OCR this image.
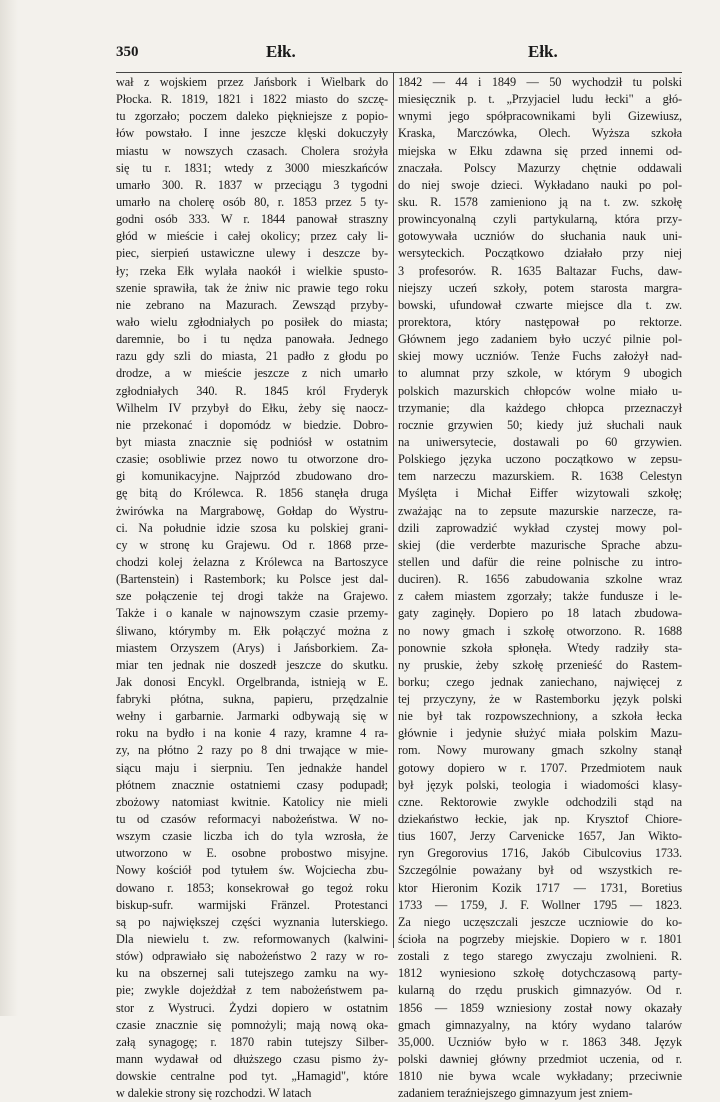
350	Ełk.	Ełk.
wał z wojskiem przez Jańsbork i Wielbark do
Płocka. R. 1819, 1821 i 1822 miasto do szczę-
tu zgorzało; poczem daleko piękniejsze z popio-
łów powstało. I inne jeszcze klęski dokuczyły
miastu w nowszych czasach. Cholera srożyła
się tu r. 1831; wtedy z 3000 mieszkańców
umarło 300. R. 1837 w przeciągu 3 tygodni
umarło na cholerę osób 80, r. 1853 przez 5 ty-
godni osób 333. W r. 1844 panował straszny
głód w mieście i całej okolicy; przez cały li-
piec, sierpień ustawiczne ulewy i deszcze by-
ły; rzeka Ełk wylała naokół i wielkie spusto-
szenie sprawiła, tak że żniw nic prawie tego roku
nie zebrano na Mazurach. Zewsząd przyby-
wało wielu zgłodniałych po posiłek do miasta;
daremnie, bo i tu nędza panowała. Jednego
razu gdy szli do miasta, 21 padło z głodu po
drodze, a w mieście jeszcze z nich umarło
zgłodniałych 340. R. 1845 król Fryderyk
Wilhelm IV przybył do Ełku, żeby się naocz-
nie przekonać i dopomódz w biedzie. Dobro-
byt miasta znacznie się podniósł w ostatnim
czasie; osobliwie przez nowo tu otworzone dro-
gi komunikacyjne. Najprzód zbudowano dro-
gę bitą do Królewca. R. 1856 stanęła druga
żwirówka na Margrabowę, Gołdap do Wystru-
ci. Na południe idzie szosa ku polskiej grani-
cy w stronę ku Grajewu. Od r. 1868 prze-
chodzi kolej żelazna z Królewca na Bartoszyce
(Bartenstein) i Rastembork; ku Polsce jest dal-
sze połączenie tej drogi także na Grajewo.
Także i o kanale w najnowszym czasie przemy-
śliwano, którymby m. Ełk połączyć można z
miastem Orzyszem (Arys) i Jańsborkiem. Za-
miar ten jednak nie doszedł jeszcze do skutku.
Jak donosi Encykl. Orgelbranda, istnieją w E.
fabryki płótna, sukna, papieru, przędzalnie
wełny i garbarnie. Jarmarki odbywają się w
roku na bydło i na konie 4 razy, kramne 4 ra-
zy, na płótno 2 razy po 8 dni trwające w mie-
siącu maju i sierpniu. Ten jednakże handel
płótnem znacznie ostatniemi czasy podupadł;
zbożowy natomiast kwitnie. Katolicy nie mieli
tu od czasów reformacyi nabożeństwa. W no-
wszym czasie liczba ich do tyla wzrosła, że
utworzono w E. osobne probostwo misyjne.
Nowy kościół pod tytułem św. Wojciecha zbu-
dowano r. 1853; konsekrował go tegoż roku
biskup-sufr. warmijski Fränzel. Protestanci
są po największej części wyznania luterskiego.
Dla niewielu t. zw. reformowanych (kalwini-
stów) odprawiało się nabożeństwo 2 razy w ro-
ku na obszernej sali tutejszego zamku na wy-
pie; zwykle dojeżdżał z tem nabożeństwem pa-
stor z Wystruci. Żydzi dopiero w ostatnim
czasie znacznie się pomnożyli; mają nową oka-
załą synagogę; r. 1870 rabin tutejszy Silber-
mann wydawał od dłuższego czasu pismo ży-
dowskie centralne pod tyt. „Hamagid", które
w dalekie strony się rozchodzi. W latach
1842 — 44 i 1849 — 50 wychodził tu polski
miesięcznik p. t. „Przyjaciel ludu łecki" a głó-
wnymi jego spółpracownikami byli Gizewiusz,
Kraska, Marczówka, Olech. Wyższa szkoła
miejska w Ełku zdawna się przed innemi od-
znaczała. Polscy Mazurzy chętnie oddawali
do niej swoje dzieci. Wykładano nauki po pol-
sku. R. 1578 zamieniono ją na t. zw. szkołę
prowincyonalną czyli partykularną, która przy-
gotowywała uczniów do słuchania nauk uni-
wersyteckich. Początkowo działało przy niej
3 profesorów. R. 1635 Baltazar Fuchs, daw-
niejszy uczeń szkoły, potem starosta margra-
bowski, ufundował czwarte miejsce dla t. zw.
prorektora, który następował po rektorze.
Głównem jego zadaniem było uczyć pilnie pol-
skiej mowy uczniów. Tenże Fuchs założył nad-
to alumnat przy szkole, w którym 9 ubogich
polskich mazurskich chłopców wolne miało u-
trzymanie; dla każdego chłopca przeznaczył
rocznie grzywien 50; kiedy już słuchali nauk
na uniwersytecie, dostawali po 60 grzywien.
Polskiego języka uczono początkowo w zepsu-
tem narzeczu mazurskiem. R. 1638 Celestyn
Myślęta i Michał Eiffer wizytowali szkołę;
zważając na to zepsute mazurskie narzecze, ra-
dzili zaprowadzić wykład czystej mowy pol-
skiej (die verderbte mazurische Sprache abzu-
stellen und dafür die reine polnische zu intro-
duciren). R. 1656 zabudowania szkolne wraz
z całem miastem zgorzały; także fundusze i le-
gaty zaginęły. Dopiero po 18 latach zbudowa-
no nowy gmach i szkołę otworzono. R. 1688
ponownie szkoła spłonęła. Wtedy radziły sta-
ny pruskie, żeby szkołę przenieść do Rastem-
borku; czego jednak zaniechano, najwięcej z
tej przyczyny, że w Rastemborku język polski
nie był tak rozpowszechniony, a szkoła łecka
głównie i jedynie służyć miała polskim Mazu-
rom. Nowy murowany gmach szkolny stanął
gotowy dopiero w r. 1707. Przedmiotem nauk
był język polski, teologia i wiadomości klasy-
czne. Rektorowie zwykle odchodzili stąd na
dziekaństwo łeckie, jak np. Krysztof Chiore-
tius 1607, Jerzy Carvenicke 1657, Jan Wikto-
ryn Gregorovius 1716, Jakób Cibulcovius 1733.
Szczególnie poważany był od wszystkich re-
ktor Hieronim Kozik 1717 — 1731, Boretius
1733 — 1759, J. F. Wollner 1795 — 1823.
Za niego uczęszczali jeszcze uczniowie do ko-
ścioła na pogrzeby miejskie. Dopiero w r. 1801
zostali z tego starego zwyczaju zwolnieni. R.
1812 wyniesiono szkołę dotychczasową party-
kularną do rzędu pruskich gimnazyów. Od r.
1856 — 1859 wzniesiony został nowy okazały
gmach gimnazyalny, na który wydano talarów
35,000. Uczniów było w r. 1863 348. Język
polski dawniej główny przedmiot uczenia, od r.
1810 nie bywa wcale wykładany; przeciwnie
zadaniem teraźniejszego gimnazyum jest zniem-
